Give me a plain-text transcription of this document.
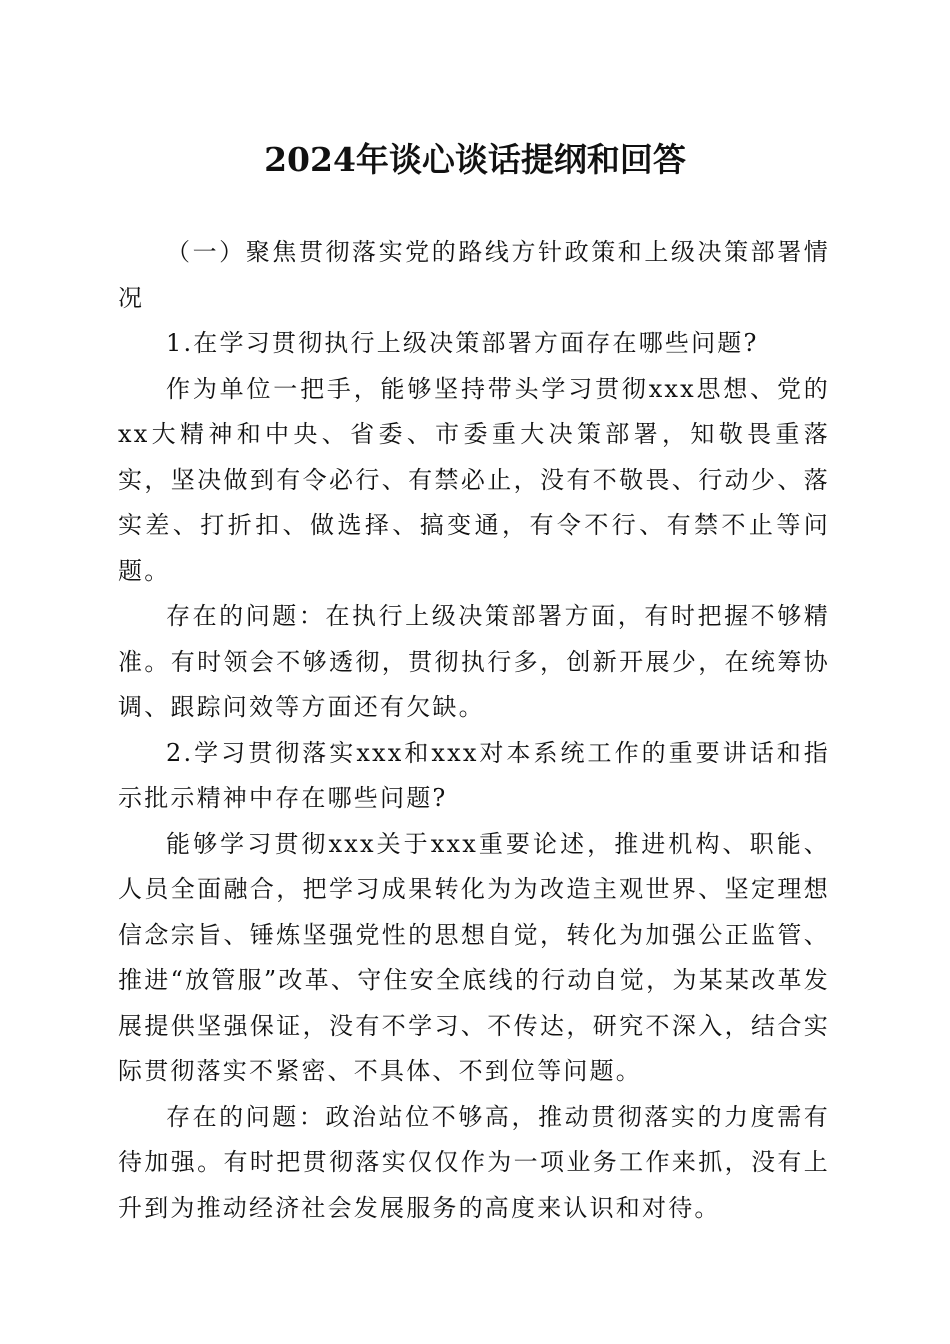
2024年谈心谈话提纲和回答

（一）聚焦贯彻落实党的路线方针政策和上级决策部署情况

1.在学习贯彻执行上级决策部署方面存在哪些问题?

作为单位一把手，能够坚持带头学习贯彻xxx思想、党的xx大精神和中央、省委、市委重大决策部署，知敬畏重落实，坚决做到有令必行、有禁必止，没有不敬畏、行动少、落实差、打折扣、做选择、搞变通，有令不行、有禁不止等问题。

存在的问题：在执行上级决策部署方面，有时把握不够精准。有时领会不够透彻，贯彻执行多，创新开展少，在统筹协调、跟踪问效等方面还有欠缺。

2.学习贯彻落实xxx和xxx对本系统工作的重要讲话和指示批示精神中存在哪些问题?

能够学习贯彻xxx关于xxx重要论述，推进机构、职能、人员全面融合，把学习成果转化为为改造主观世界、坚定理想信念宗旨、锤炼坚强党性的思想自觉，转化为加强公正监管、推进“放管服”改革、守住安全底线的行动自觉，为某某改革发展提供坚强保证，没有不学习、不传达，研究不深入，结合实际贯彻落实不紧密、不具体、不到位等问题。

存在的问题：政治站位不够高，推动贯彻落实的力度需有待加强。有时把贯彻落实仅仅作为一项业务工作来抓，没有上升到为推动经济社会发展服务的高度来认识和对待。
